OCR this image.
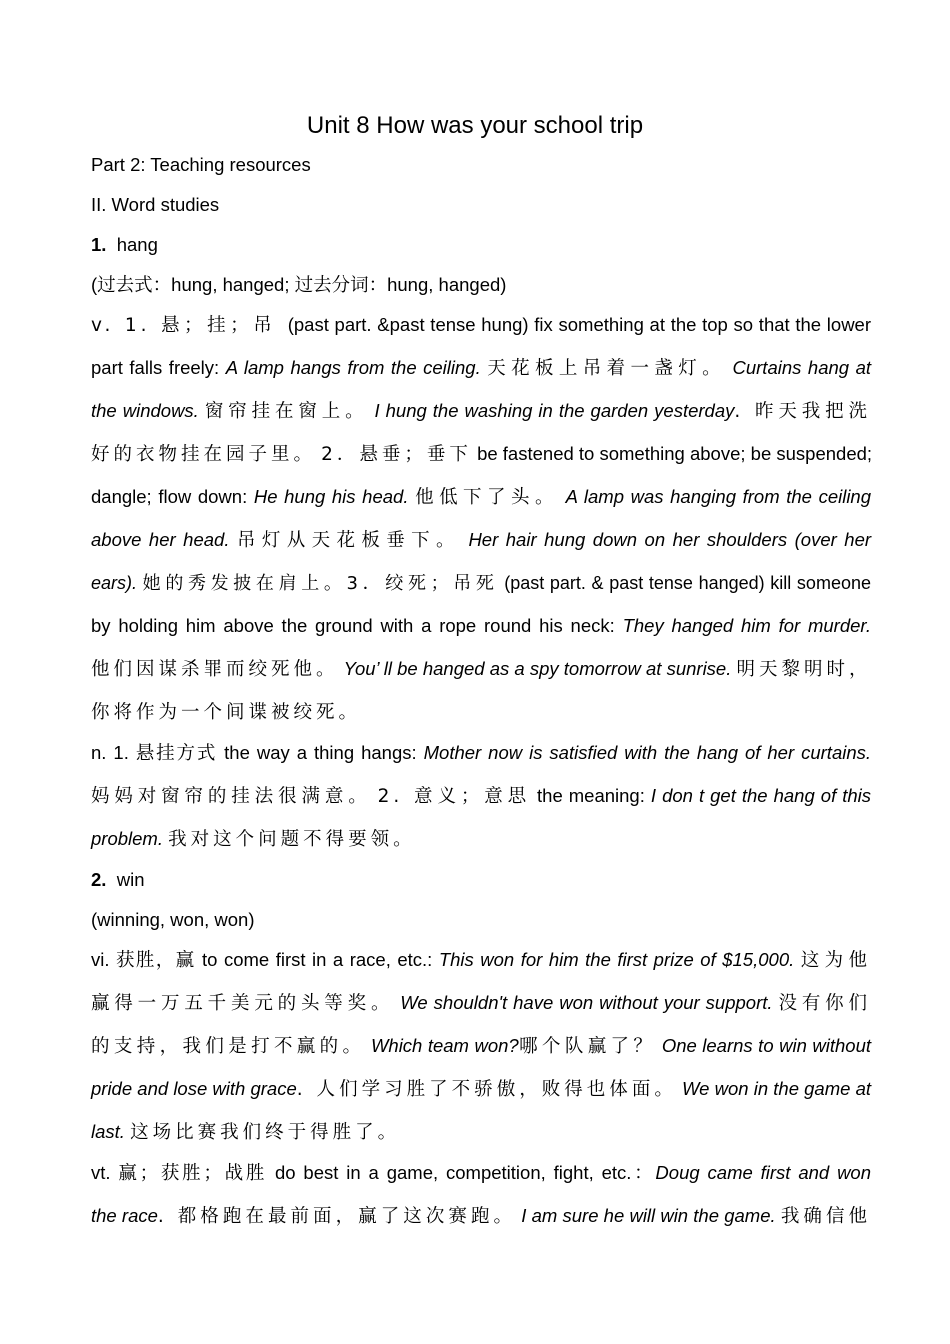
Unit 8 How was your school trip
Part 2: Teaching resources
II. Word studies
1. hang
(过去式：hung, hanged; 过去分词：hung, hanged)
v. 1. 悬；挂；吊 (past part. &past tense hung) fix something at the top so that the lower
part falls freely: A lamp hangs from the ceiling. 天花板上吊着一盏灯。 Curtains hang at
the windows. 窗帘挂在窗上。 I hung the washing in the garden yesterday. 昨天我把洗
好的衣物挂在园子里。 2．悬垂；垂下 be fastened to something above; be suspended;
dangle; flow down: He hung his head. 他低下了头。 A lamp was hanging from the ceiling
above her head. 吊灯从天花板垂下。 Her hair hung down on her shoulders (over her
ears). 她的秀发披在肩上。3．绞死；吊死 (past part. & past tense hanged) kill someone
by holding him above the ground with a rope round his neck: They hanged him for murder.
他们因谋杀罪而绞死他。 You’ ll be hanged as a spy tomorrow at sunrise. 明天黎明时，
你将作为一个间谍被绞死。
n. 1. 悬挂方式 the way a thing hangs: Mother now is satisfied with the hang of her curtains.
妈妈对窗帘的挂法很满意。 2. 意义；意思 the meaning: I don t get the hang of this
problem. 我对这个问题不得要领。
2. win
(winning, won, won)
vi. 获胜，赢 to come first in a race, etc.: This won for him the first prize of $15,000. 这为他
赢得一万五千美元的头等奖。 We shouldn't have won without your support. 没有你们
的支持，我们是打不赢的。 Which team won?哪个队赢了？ One learns to win without
pride and lose with grace. 人们学习胜了不骄傲，败得也体面。 We won in the game at
last. 这场比赛我们终于得胜了。
vt. 赢；获胜；战胜 do best in a game, competition, fight, etc.：Doug came first and won
the race. 都格跑在最前面，赢了这次赛跑。 I am sure he will win the game. 我确信他
